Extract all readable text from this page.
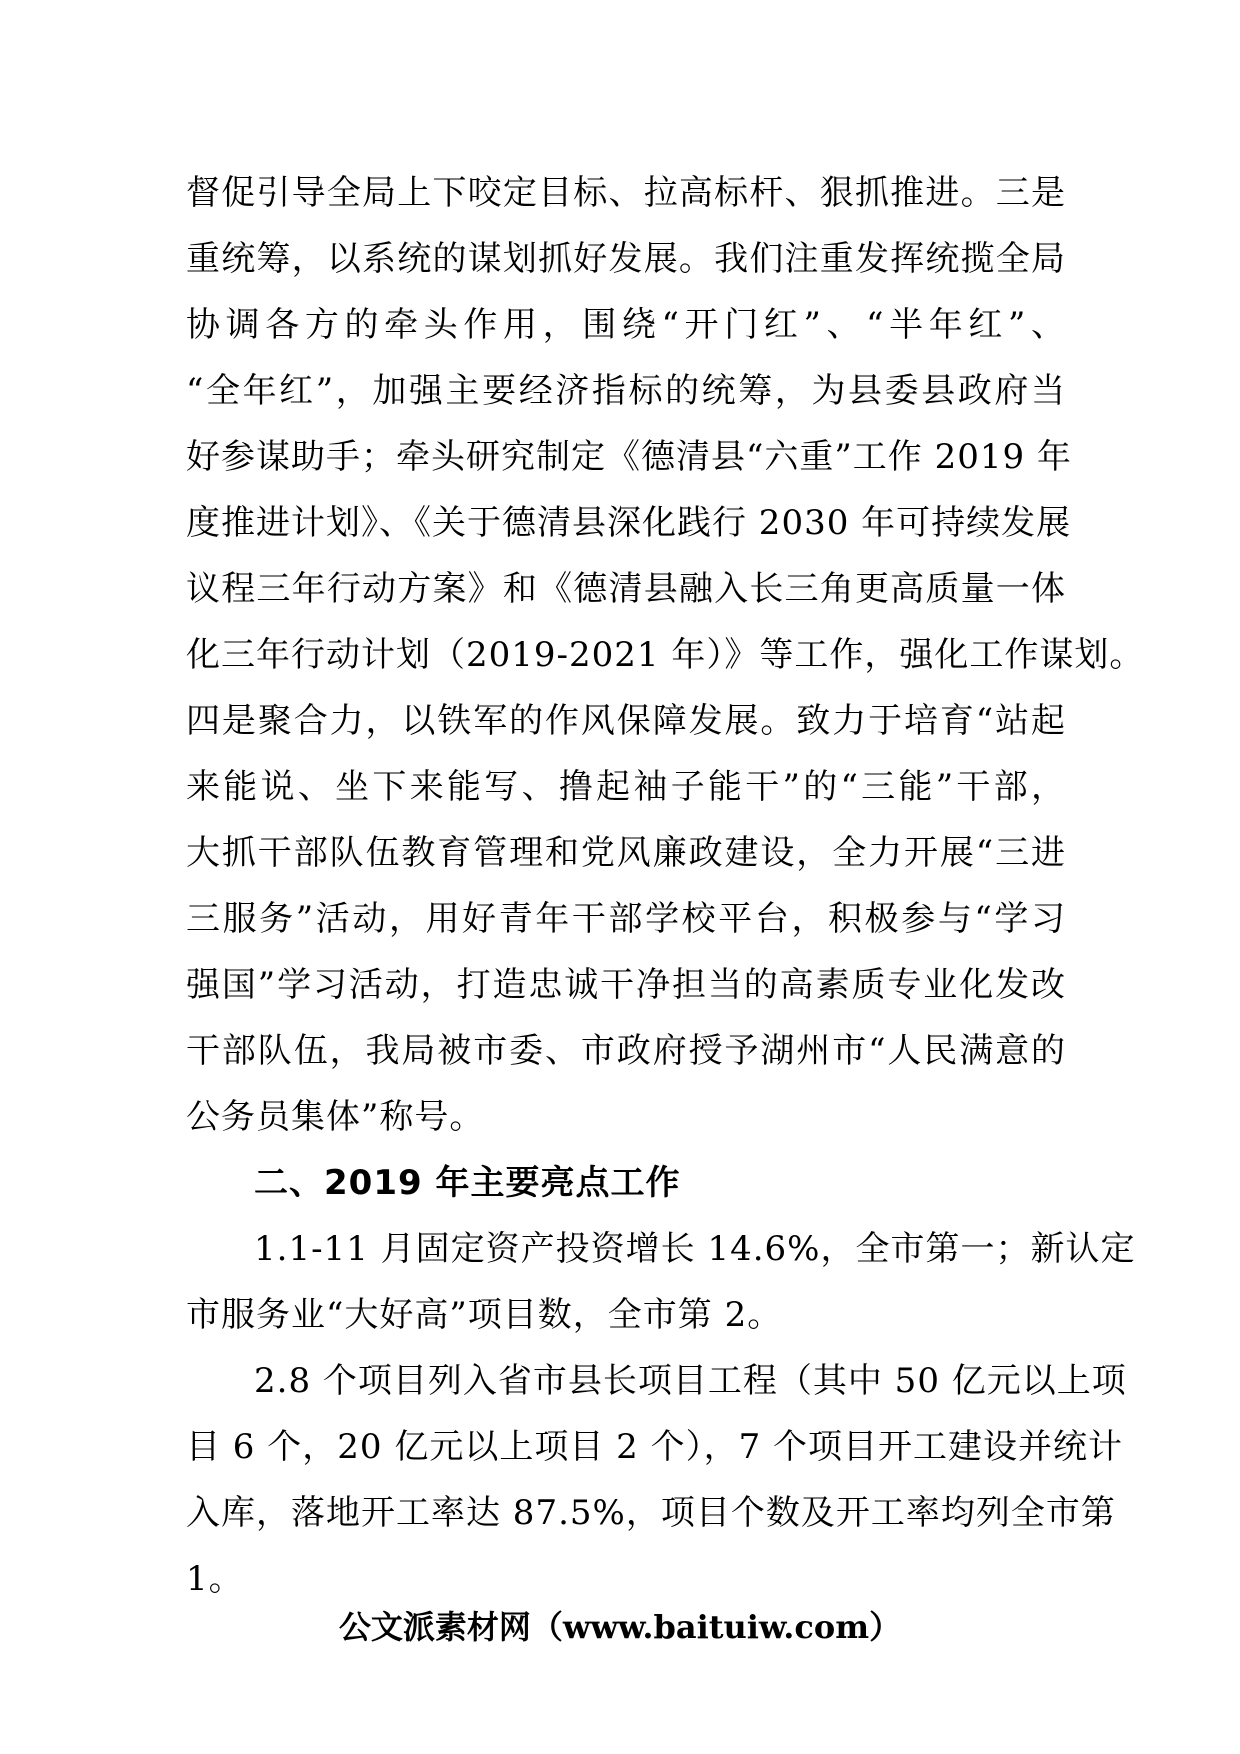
督促引导全局上下咬定目标、拉高标杆、狠抓推进。三是
重统筹，以系统的谋划抓好发展。我们注重发挥统揽全局
协调各方的牵头作用，围绕“开门红”、“半年红”、
“全年红”，加强主要经济指标的统筹，为县委县政府当
好参谋助手；牵头研究制定《德清县“六重”工作 2019 年
度推进计划》、《关于德清县深化践行 2030 年可持续发展
议程三年行动方案》和《德清县融入长三角更高质量一体
化三年行动计划（2019-2021 年）》等工作，强化工作谋划。
四是聚合力，以铁军的作风保障发展。致力于培育“站起
来能说、坐下来能写、撸起袖子能干”的“三能”干部，
大抓干部队伍教育管理和党风廉政建设，全力开展“三进
三服务”活动，用好青年干部学校平台，积极参与“学习
强国”学习活动，打造忠诚干净担当的高素质专业化发改
干部队伍，我局被市委、市政府授予湖州市“人民满意的
公务员集体”称号。
二、2019 年主要亮点工作
1.1-11 月固定资产投资增长 14.6%，全市第一；新认定
市服务业“大好高”项目数，全市第 2。
2.8 个项目列入省市县长项目工程（其中 50 亿元以上项
目 6 个，20 亿元以上项目 2 个），7 个项目开工建设并统计
入库，落地开工率达 87.5%，项目个数及开工率均列全市第
1。
公文派素材网（www.baituiw.com）
